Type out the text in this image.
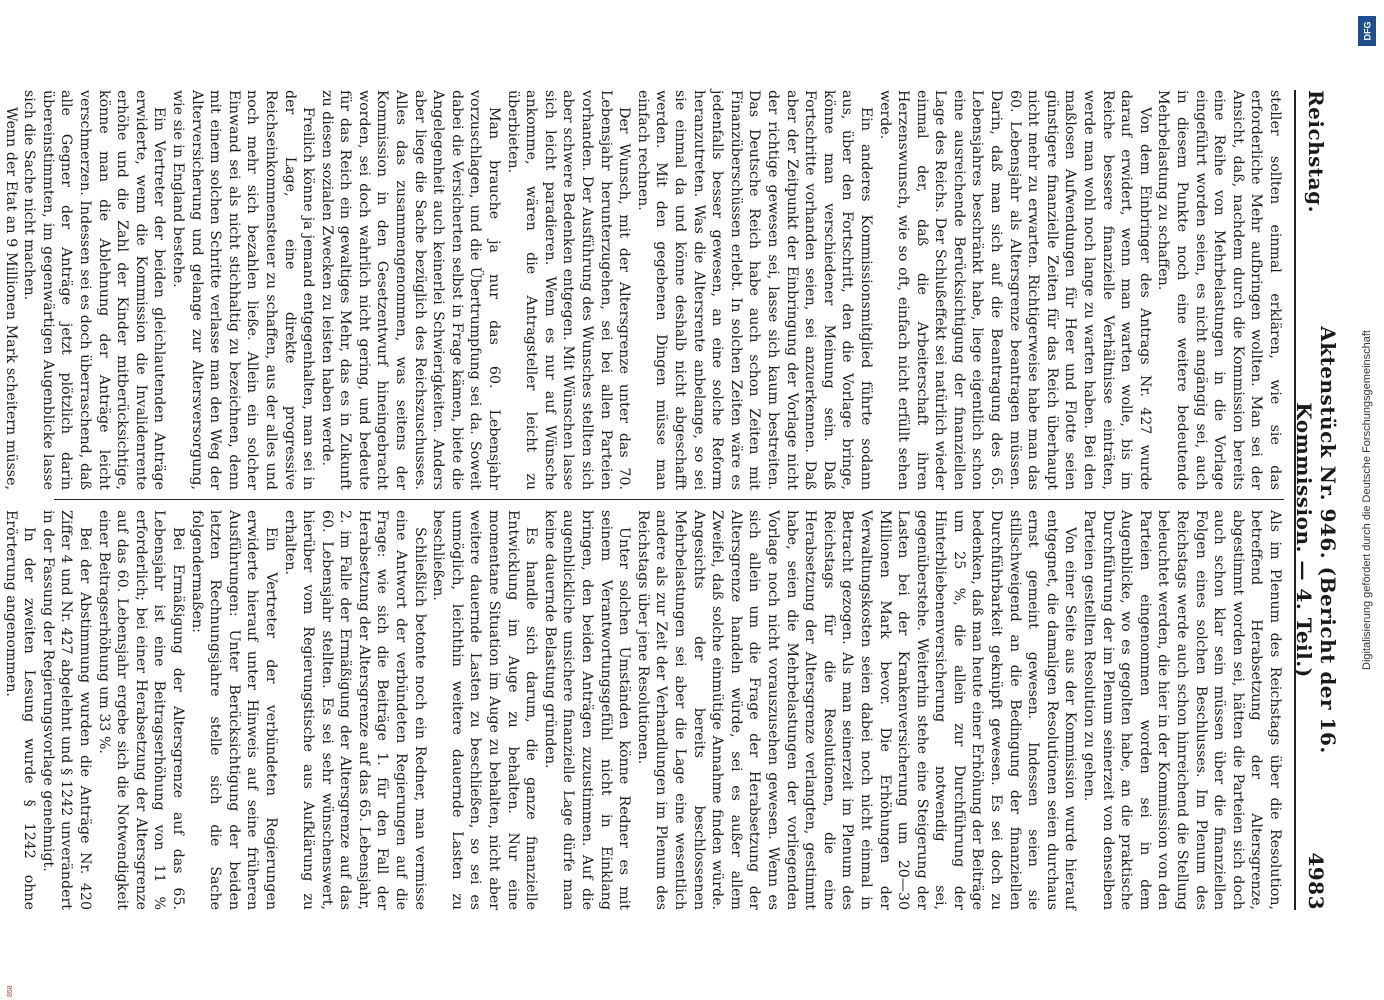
Reichstag.
Aktenstück Nr. 946. (Bericht der 16. Kommission. — 4. Teil.)
4983

steller sollten einmal erklären, wie sie das erforderliche Mehr aufbringen wollten. Man sei der Ansicht, daß, nachdem durch die Kommission bereits eine Reihe von Mehrbelastungen in die Vorlage eingeführt worden seien, es nicht angängig sei, auch in diesem Punkte noch eine weitere bedeutende Mehrbelastung zu schaffen.

Von dem Einbringer des Antrags Nr. 427 wurde darauf erwidert, wenn man warten wolle, bis im Reiche bessere finanzielle Verhältnisse einträten, werde man wohl noch lange zu warten haben. Bei den maßlosen Aufwendungen für Heer und Flotte seien günstigere finanzielle Zeiten für das Reich überhaupt nicht mehr zu erwarten. Richtigerweise habe man das 60. Lebensjahr als Altersgrenze beantragen müssen. Darin, daß man sich auf die Beantragung des 65. Lebensjahres beschränkt habe, liege eigentlich schon eine ausreichende Berücksichtigung der finanziellen Lage des Reichs. Der Schlußeffekt sei natürlich wieder einmal der, daß die Arbeiterschaft ihren Herzenswunsch, wie so oft, einfach nicht erfüllt sehen werde.

Ein anderes Kommissionsmitglied führte sodann aus, über den Fortschritt, den die Vorlage bringe, könne man verschiedener Meinung sein. Daß Fortschritte vorhanden seien, sei anzuerkennen. Daß aber der Zeitpunkt der Einbringung der Vorlage nicht der richtige gewesen sei, lasse sich kaum bestreiten. Das Deutsche Reich habe auch schon Zeiten mit Finanzüberschüssen erlebt. In solchen Zeiten wäre es jedenfalls besser gewesen, an eine solche Reform heranzutreten. Was die Altersrente anbelange, so sei sie einmal da und könne deshalb nicht abgeschafft werden. Mit den gegebenen Dingen müsse man einfach rechnen.

Der Wunsch, mit der Altersgrenze unter das 70. Lebensjahr herunterzugehen, sei bei allen Parteien vorhanden. Der Ausführung des Wunsches stellten sich aber schwere Bedenken entgegen. Mit Wünschen lasse sich leicht paradieren. Wenn es nur auf Wünsche ankomme, wären die Antragsteller leicht zu überbieten.

Man brauche ja nur das 60. Lebensjahr vorzuschlagen, und die Übertrumpfung sei da. Soweit dabei die Versicherten selbst in Frage kämen, biete die Angelegenheit auch keinerlei Schwierigkeiten. Anders aber liege die Sache bezüglich des Reichszuschusses. Alles das zusammengenommen, was seitens der Kommission in den Gesetzentwurf hineingebracht worden, sei doch wahrlich nicht gering, und bedeute für das Reich ein gewaltiges Mehr, das es in Zukunft zu diesen sozialen Zwecken zu leisten haben werde.

Freilich könne ja jemand entgegenhalten, man sei in der Lage, eine direkte progressive Reichseinkommensteuer zu schaffen, aus der alles und noch mehr sich bezahlen ließe. Allein ein solcher Einwand sei als nicht stichhaltig zu bezeichnen, denn mit einem solchen Schritte verlasse man den Weg der Alterversicherung und gelange zur Altersversorgung, wie sie in England bestehe.

Ein Vertreter der beiden gleichlautenden Anträge erwiderte, wenn die Kommission die Invalidenrente erhöhe und die Zahl der Kinder mitberücksichtige, könne man die Ablehnung der Anträge leicht verschmerzen. Indessen sei es doch überraschend, daß alle Gegner der Anträge jetzt plötzlich darin übereinstimmten, im gegenwärtigen Augenblicke lasse sich die Sache nicht machen.

Wenn der Etat an 9 Millionen Mark scheitern müsse,

Als im Plenum des Reichstags über die Resolution, betreffend Herabsetzung der Altersgrenze, abgestimmt worden sei, hätten die Parteien sich doch auch schon klar sein müssen über die finanziellen Folgen eines solchen Beschlusses. Im Plenum des Reichstags werde auch schon hinreichend die Stellung beleuchtet werden, die hier in der Kommission von den Parteien eingenommen worden sei in dem Augenblicke, wo es gegolten habe, an die praktische Durchführung der im Plenum seinerzeit von denselben Parteien gestellten Resolution zu gehen.

Von einer Seite aus der Kommission wurde hierauf entgegnet, die damaligen Resolutionen seien durchaus ernst gemeint gewesen. Indessen seien sie stillschweigend an die Bedingung der finanziellen Durchführbarkeit geknüpft gewesen. Es sei doch zu bedenken, daß man heute einer Erhöhung der Beiträge um 25 %, die allein zur Durchführung der Hinterbliebenenversicherung notwendig sei, gegenüberstehe. Weiterhin stehe eine Steigerung der Lasten bei der Krankenversicherung um 20—30 Millionen Mark bevor. Die Erhöhungen der Verwaltungskosten seien dabei noch nicht einmal in Betracht gezogen. Als man seinerzeit im Plenum des Reichstags für die Resolutionen, die eine Herabsetzung der Altersgrenze verlangten, gestimmt habe, seien die Mehrbelastungen der vorliegenden Vorlage noch nicht vorauszusehen gewesen. Wenn es sich allein um die Frage der Herabsetzung der Altersgrenze handeln würde, sei es außer allem Zweifel, daß solche einmütige Annahme finden würde. Angesichts der bereits beschlossenen Mehrbelastungen sei aber die Lage eine wesentlich andere als zur Zeit der Verhandlungen im Plenum des Reichstags über jene Resolutionen.

Unter solchen Umständen könne Redner es mit seinem Verantwortungsgefühl nicht in Einklang bringen, den beiden Anträgen zuzustimmen. Auf die augenblickliche unsichere finanzielle Lage dürfe man keine dauernde Belastung gründen.

Es handle sich darum, die ganze finanzielle Entwicklung im Auge zu behalten. Nur eine momentane Situation im Auge zu behalten, nicht aber weitere dauernde Lasten zu beschließen, so sei es unmöglich, leichthin weitere dauernde Lasten zu beschließen.

Schließlich betonte noch ein Redner, man vermisse eine Antwort der verbündeten Regierungen auf die Frage: wie sich die Beiträge 1. für den Fall der Herabsetzung der Altersgrenze auf das 65. Lebensjahr, 2. im Falle der Ermäßigung der Altersgrenze auf das 60. Lebensjahr stellten. Es sei sehr wünschenswert, hierüber vom Regierungstische aus Aufklärung zu erhalten.

Ein Vertreter der verbündeten Regierungen erwiderte hierauf unter Hinweis auf seine früheren Ausführungen: Unter Berücksichtigung der beiden letzten Rechnungsjahre stelle sich die Sache folgendermaßen:

Bei Ermäßigung der Altersgrenze auf das 65. Lebensjahr ist eine Beitragserhöhung von 11 % erforderlich; bei einer Herabsetzung der Altersgrenze auf das 60. Lebensjahr ergebe sich die Notwendigkeit einer Beitragserhöhung um 33 %.

Bei der Abstimmung wurden die Anträge Nr. 420 Ziffer 4 und Nr. 427 abgelehnt und § 1242 unverändert in der Fassung der Regierungsvorlage genehmigt.

In der zweiten Lesung wurde § 1242 ohne Erörterung angenommen.

DFG
Digitalisierung gefördert durch die Deutsche Forschungsgemeinschaft
858
